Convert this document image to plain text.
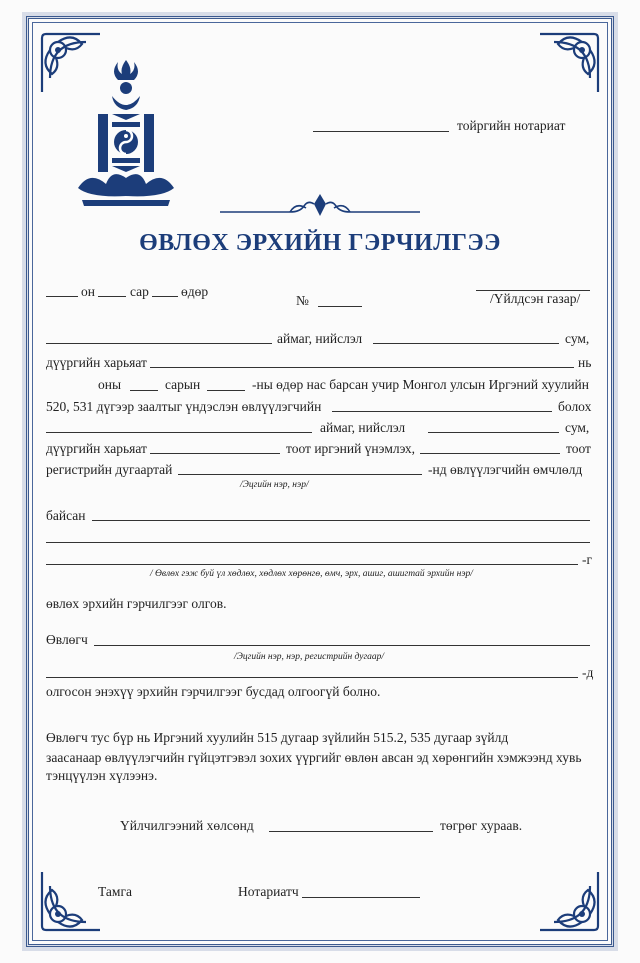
тойргийн нотариат
ӨВЛӨХ ЭРХИЙН ГЭРЧИЛГЭЭ
он	сар өдөр
№	/Үйлдсэн газар/
аймаг, нийслэл	сум,
дүүргийн харьяат	нь
оны	сарын	-ны өдөр нас барсан учир Монгол улсын Иргэний хуулийн
520, 531 дүгээр заалтыг үндэслэн өвлүүлэгчийн	болох
аймаг, нийслэл	сум,
дүүргийн харьяат	тоот иргэний үнэмлэх,	тоот
регистрийн дугаартай	-нд өвлүүлэгчийн өмчлөлд
/Эцгийн нэр, нэр/
байсан
-г
/ Өвлөх гэж буй үл хөдлөх, хөдлөх хөрөнгө, өмч, эрх, ашиг, ашигтай эрхийн нэр/
өвлөх эрхийн гэрчилгээг олгов.
Өвлөгч
/Эцгийн нэр, нэр, регистрийн дугаар/
-д
олгосон энэхүү эрхийн гэрчилгээг бусдад олгоогүй болно.
Өвлөгч тус бүр нь Иргэний хуулийн 515 дугаар зүйлийн 515.2, 535 дугаар зүйлд
заасанаар өвлүүлэгчийн гүйцэтгэвэл зохих үүргийг өвлөн авсан эд хөрөнгийн хэмжээнд хувь
тэнцүүлэн хүлээнэ.
Үйлчилгээний хөлсөнд	төгрөг хураав.
Тамга	Нотариатч
